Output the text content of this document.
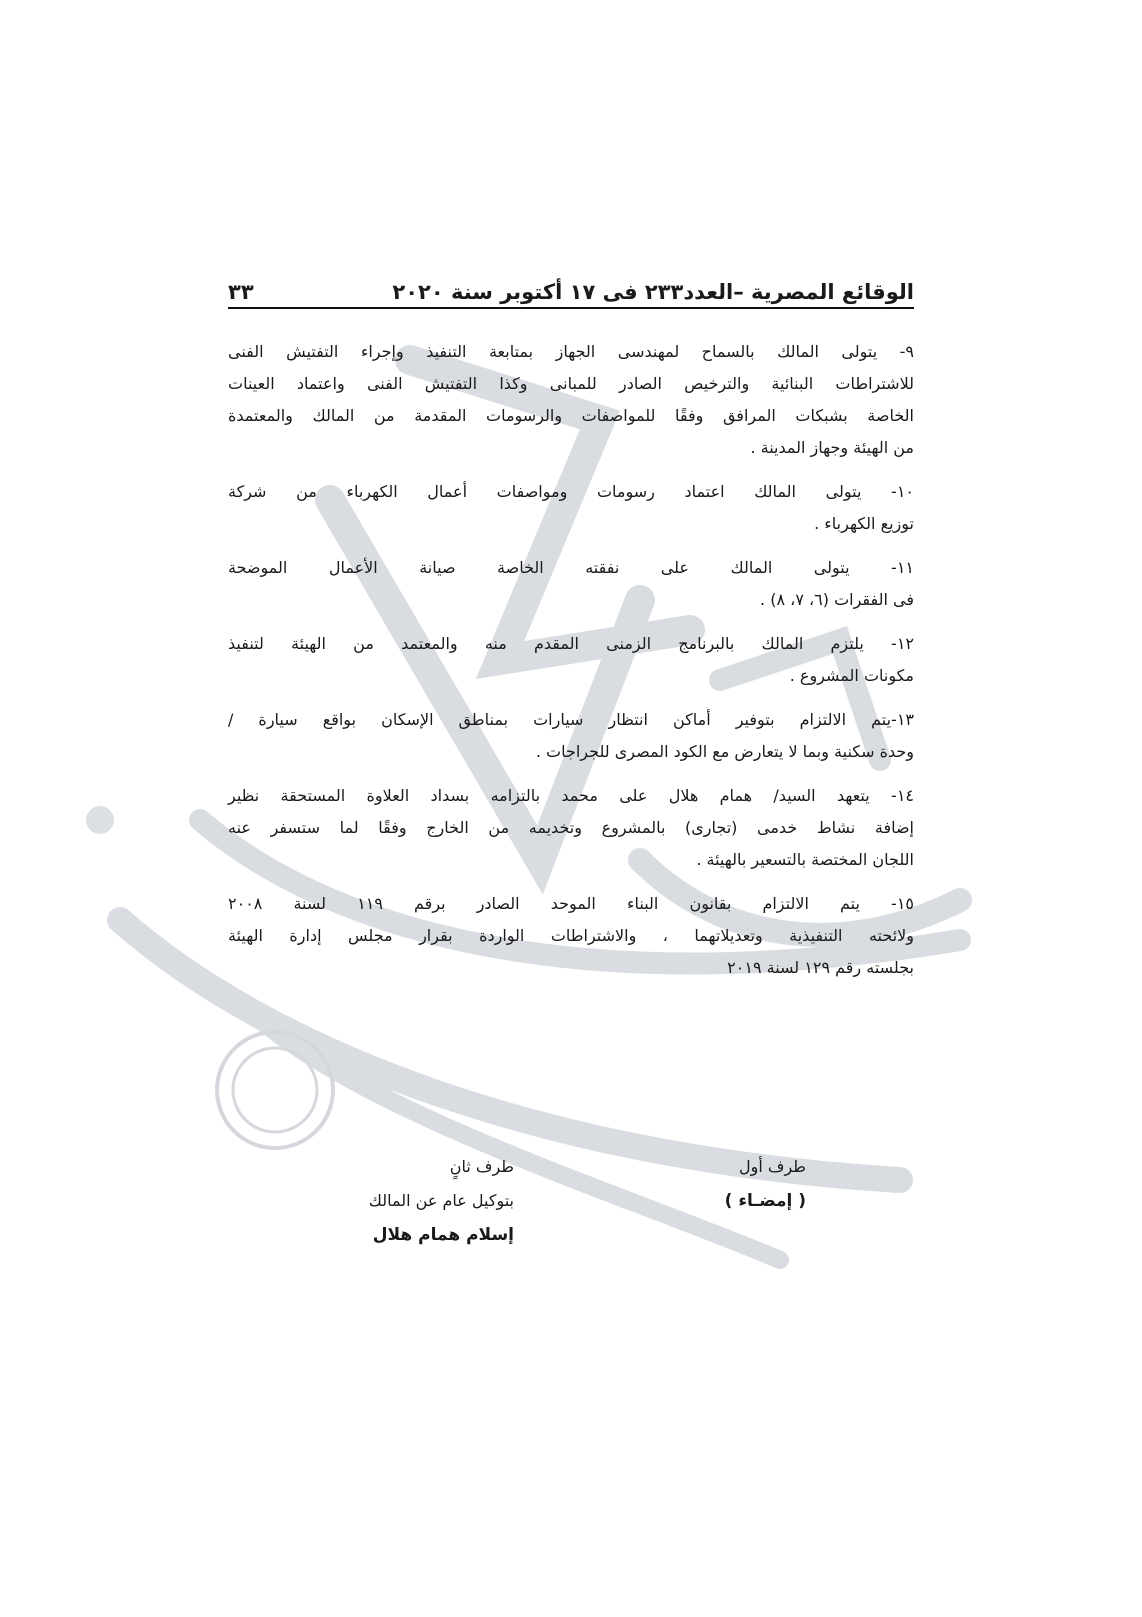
الوقائع المصرية –العدد٢٣٣ فى ١٧ أكتوبر سنة ٢٠٢٠
٣٣
٩- يتولى المالك بالسماح لمهندسى الجهاز بمتابعة التنفيذ وإجراء التفتيش الفنى
للاشتراطات البنائية والترخيص الصادر للمبانى وكذا التفتيش الفنى واعتماد العينات
الخاصة بشبكات المرافق وفقًا للمواصفات والرسومات المقدمة من المالك والمعتمدة
من الهيئة وجهاز المدينة .
١٠- يتولى المالك اعتماد رسومات ومواصفات أعمال الكهرباء من شركة
توزيع الكهرباء .
١١- يتولى المالك على نفقته الخاصة صيانة الأعمال الموضحة
فى الفقرات (٦، ٧، ٨) .
١٢- يلتزم المالك بالبرنامج الزمنى المقدم منه والمعتمد من الهيئة لتنفيذ
مكونات المشروع .
١٣-يتم الالتزام بتوفير أماكن انتظار سيارات بمناطق الإسكان بواقع سيارة /
وحدة سكنية وبما لا يتعارض مع الكود المصرى للجراجات .
١٤- يتعهد السيد/ همام هلال على محمد بالتزامه بسداد العلاوة المستحقة نظير
إضافة نشاط خدمى (تجارى) بالمشروع وتخديمه من الخارج وفقًا لما ستسفر عنه
اللجان المختصة بالتسعير بالهيئة .
١٥- يتم الالتزام بقانون البناء الموحد الصادر برقم ١١٩ لسنة ٢٠٠٨
ولائحته التنفيذية وتعديلاتهما ، والاشتراطات الواردة بقرار مجلس إدارة الهيئة
بجلسته رقم ١٢٩ لسنة ٢٠١٩
طرف أول
( إمضـاء )
طرف ثانٍ
بتوكيل عام عن المالك
إسلام همام هلال
